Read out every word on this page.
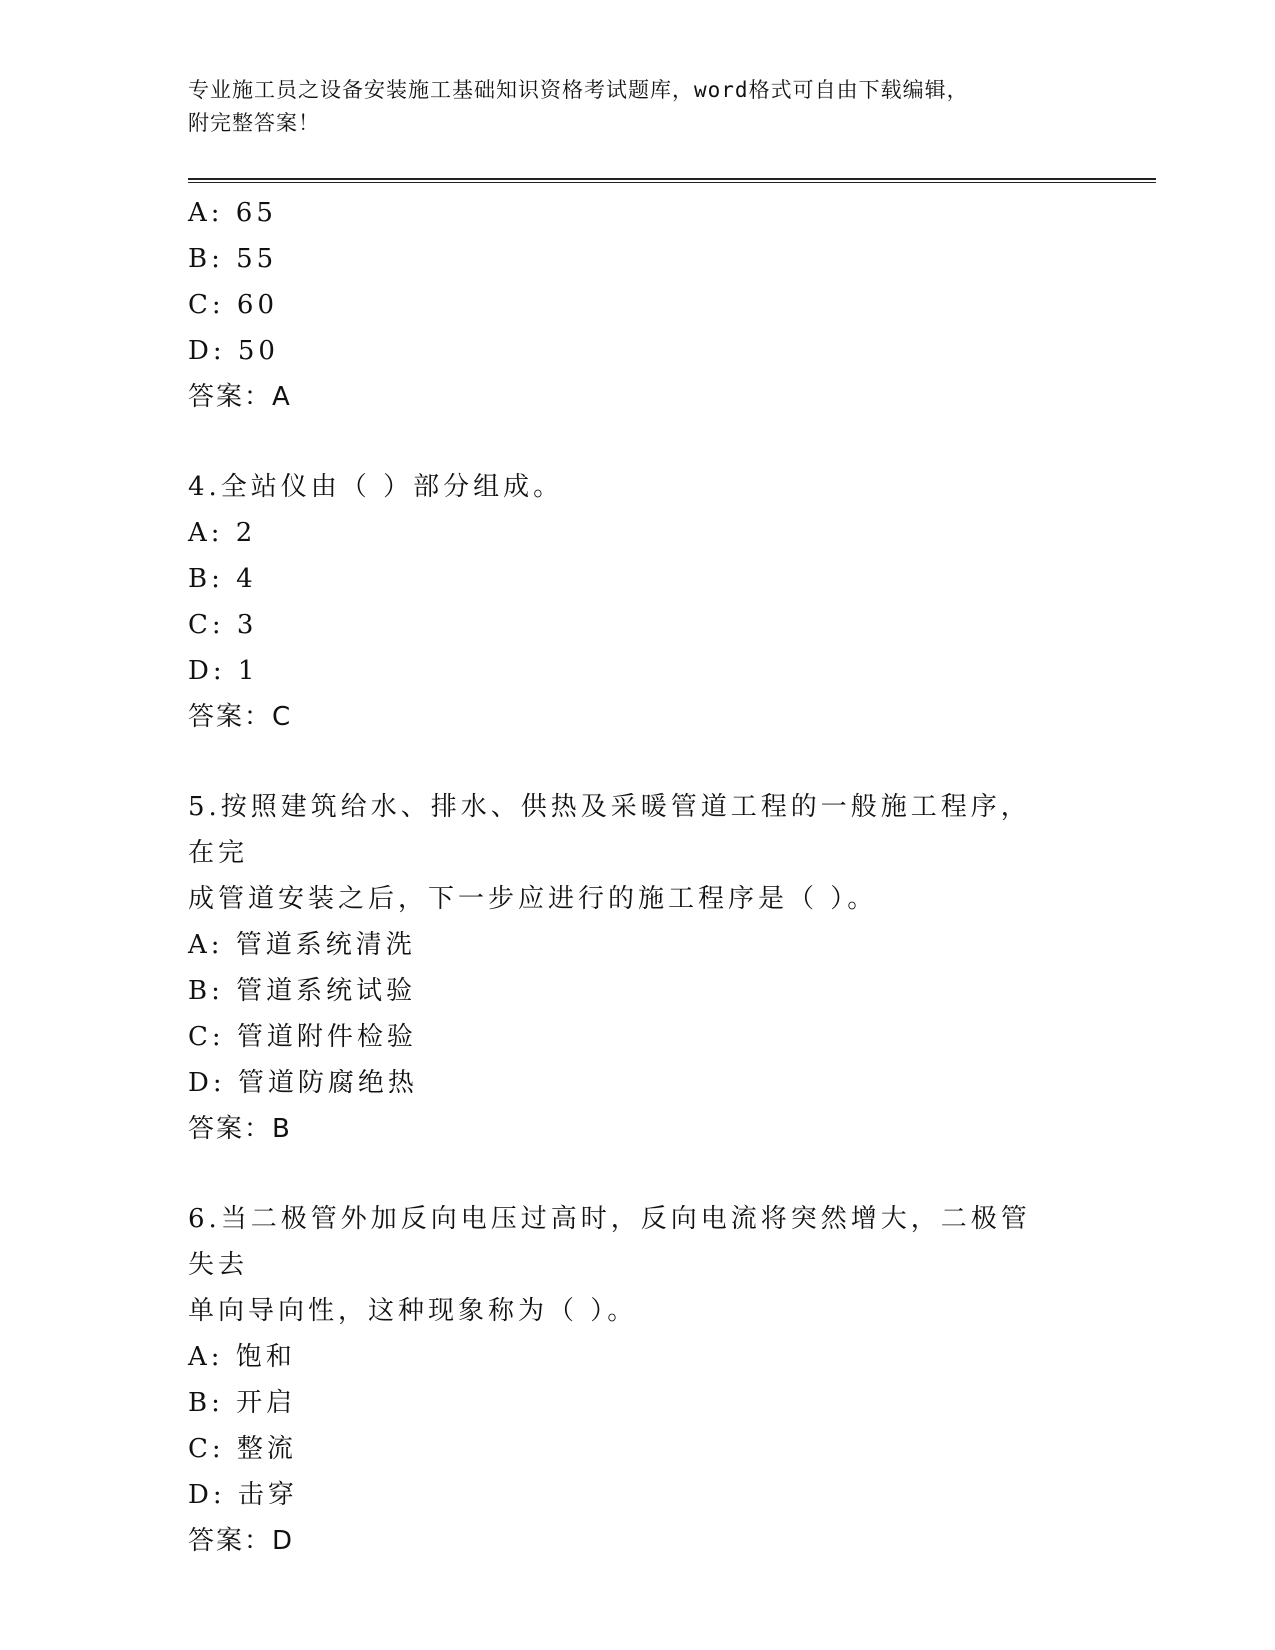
专业施工员之设备安装施工基础知识资格考试题库，word格式可自由下载编辑，
附完整答案！
A: 65
B: 55
C: 60
D: 50
答案：A
4.全站仪由（ ）部分组成。
A: 2
B: 4
C: 3
D: 1
答案：C
5.按照建筑给水、排水、供热及采暖管道工程的一般施工程序，在完
成管道安装之后，下一步应进行的施工程序是（ ）。
A: 管道系统清洗
B: 管道系统试验
C: 管道附件检验
D: 管道防腐绝热
答案：B
6.当二极管外加反向电压过高时，反向电流将突然增大，二极管失去
单向导向性，这种现象称为（ ）。
A: 饱和
B: 开启
C: 整流
D: 击穿
答案：D
